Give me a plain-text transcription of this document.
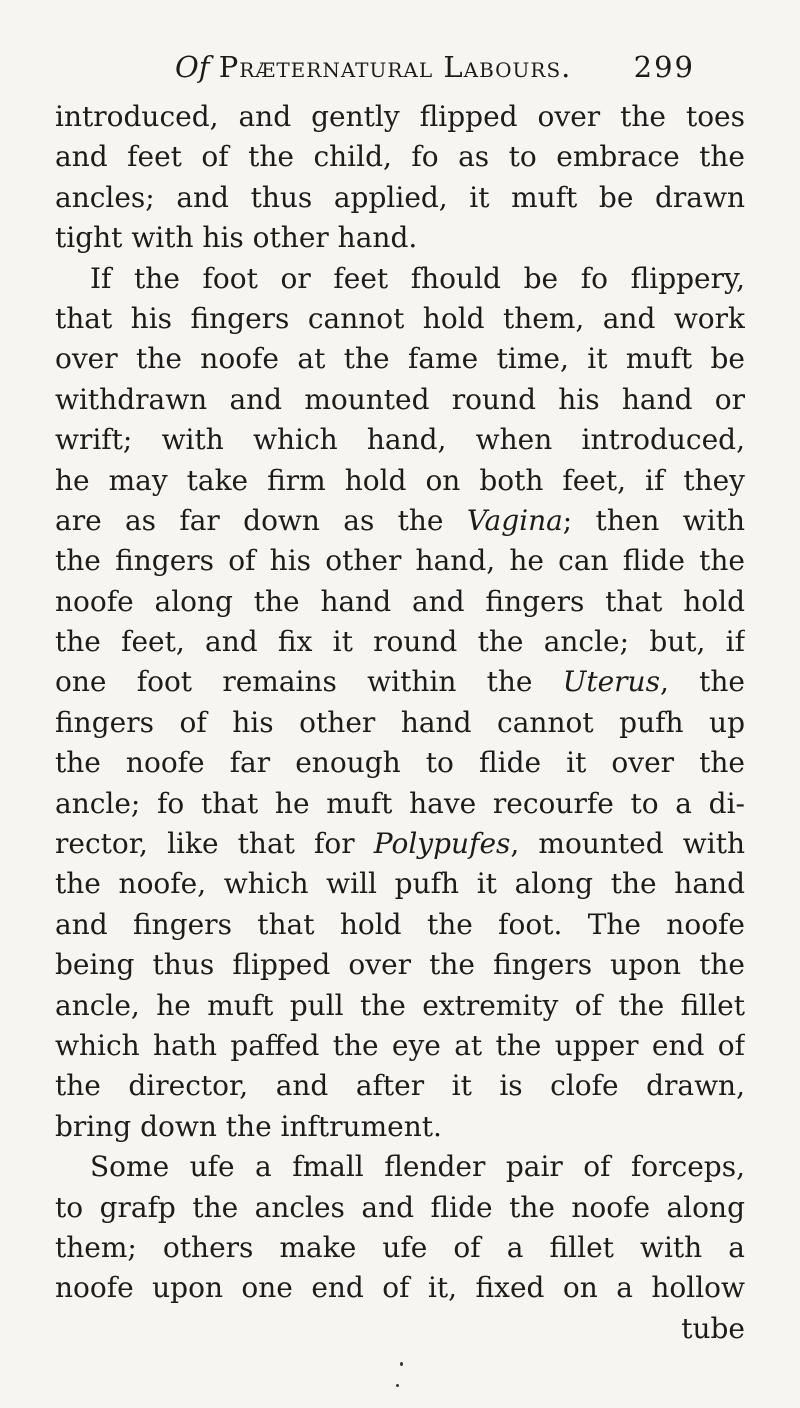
Of Præternatural Labours. 299
introduced, and gently flipped over the toes
and feet of the child, fo as to embrace the
ancles; and thus applied, it muft be drawn
tight with his other hand.
If the foot or feet fhould be fo flippery,
that his fingers cannot hold them, and work
over the noofe at the fame time, it muft be
withdrawn and mounted round his hand or
wrift; with which hand, when introduced,
he may take firm hold on both feet, if they
are as far down as the Vagina; then with
the fingers of his other hand, he can flide the
noofe along the hand and fingers that hold
the feet, and fix it round the ancle; but, if
one foot remains within the Uterus, the
fingers of his other hand cannot pufh up
the noofe far enough to flide it over the
ancle; fo that he muft have recourfe to a di-
rector, like that for Polypufes, mounted with
the noofe, which will pufh it along the hand
and fingers that hold the foot. The noofe
being thus flipped over the fingers upon the
ancle, he muft pull the extremity of the fillet
which hath paffed the eye at the upper end of
the director, and after it is clofe drawn,
bring down the inftrument.
Some ufe a fmall flender pair of forceps,
to grafp the ancles and flide the noofe along
them; others make ufe of a fillet with a
noofe upon one end of it, fixed on a hollow
tube
